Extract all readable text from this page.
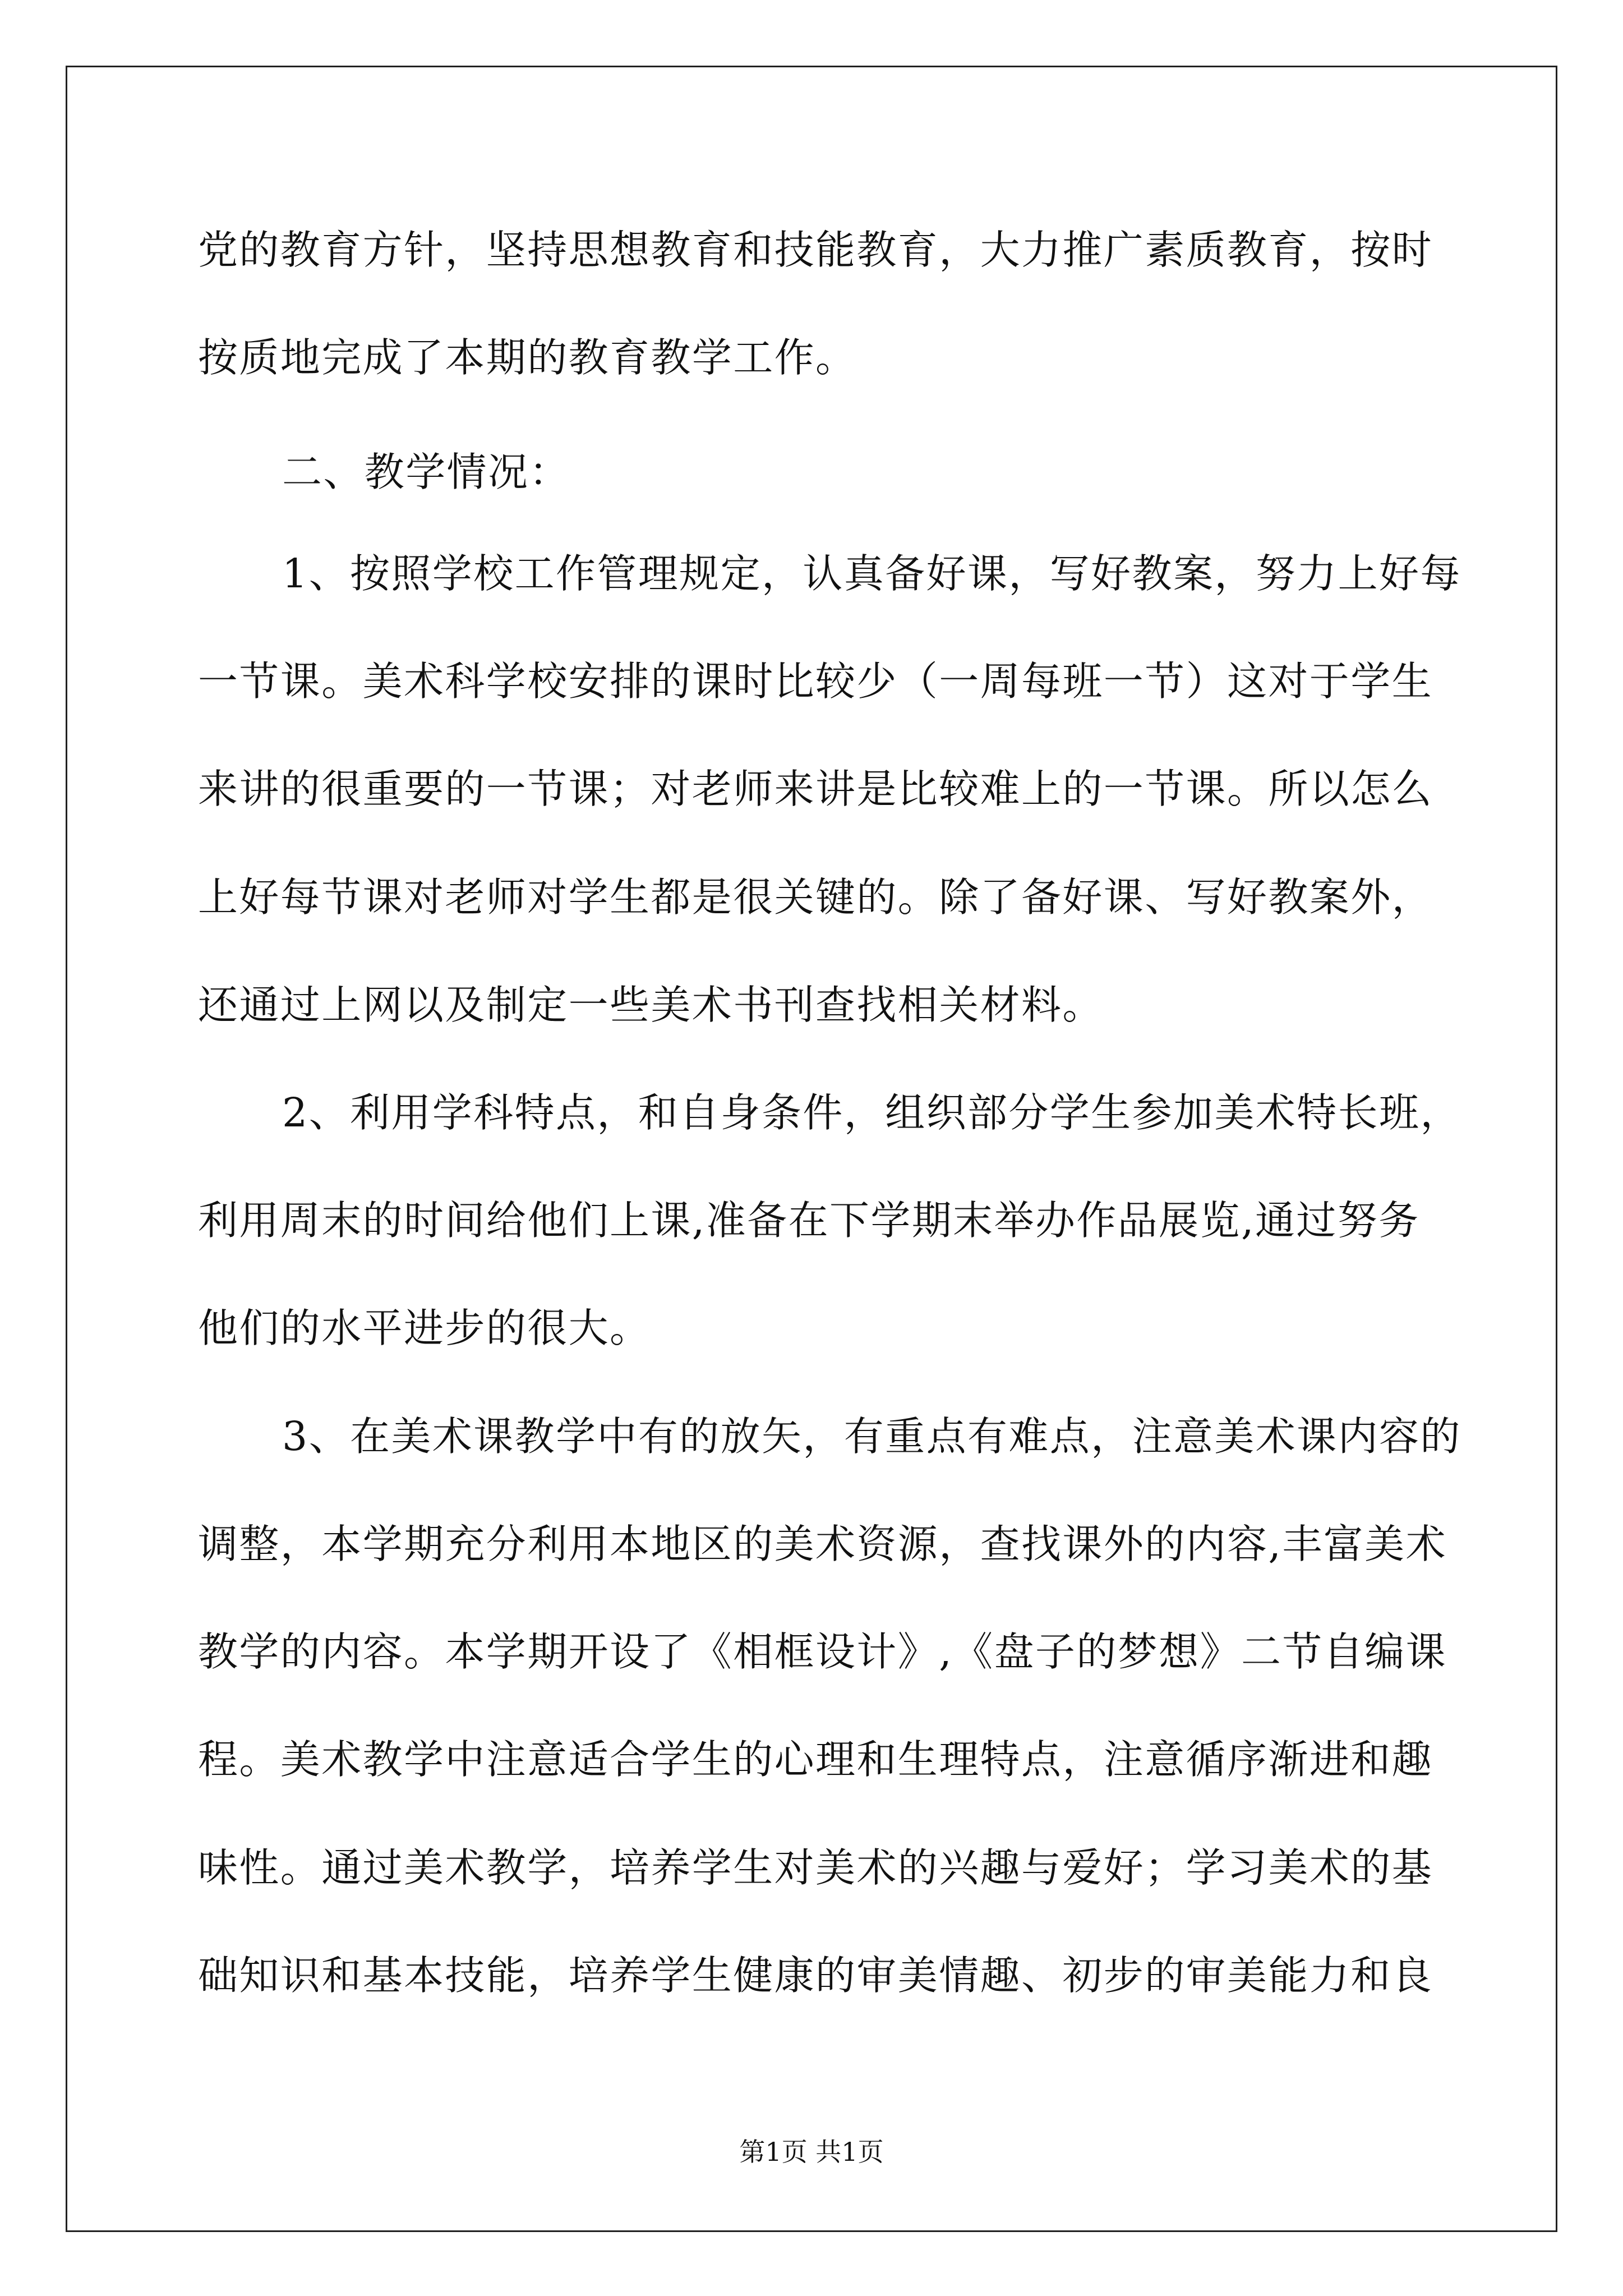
党的教育方针，坚持思想教育和技能教育，大力推广素质教育，按时
按质地完成了本期的教育教学工作。
二、教学情况：
1、按照学校工作管理规定，认真备好课，写好教案，努力上好每
一节课。美术科学校安排的课时比较少（一周每班一节）这对于学生
来讲的很重要的一节课；对老师来讲是比较难上的一节课。所以怎么
上好每节课对老师对学生都是很关键的。除了备好课、写好教案外，
还通过上网以及制定一些美术书刊查找相关材料。
2、利用学科特点，和自身条件，组织部分学生参加美术特长班，
利用周末的时间给他们上课,准备在下学期末举办作品展览,通过努务
他们的水平进步的很大。
3、在美术课教学中有的放矢，有重点有难点，注意美术课内容的
调整，本学期充分利用本地区的美术资源，查找课外的内容,丰富美术
教学的内容。本学期开设了《相框设计》,《盘子的梦想》二节自编课
程。美术教学中注意适合学生的心理和生理特点，注意循序渐进和趣
味性。通过美术教学，培养学生对美术的兴趣与爱好；学习美术的基
础知识和基本技能，培养学生健康的审美情趣、初步的审美能力和良
第1页 共1页
